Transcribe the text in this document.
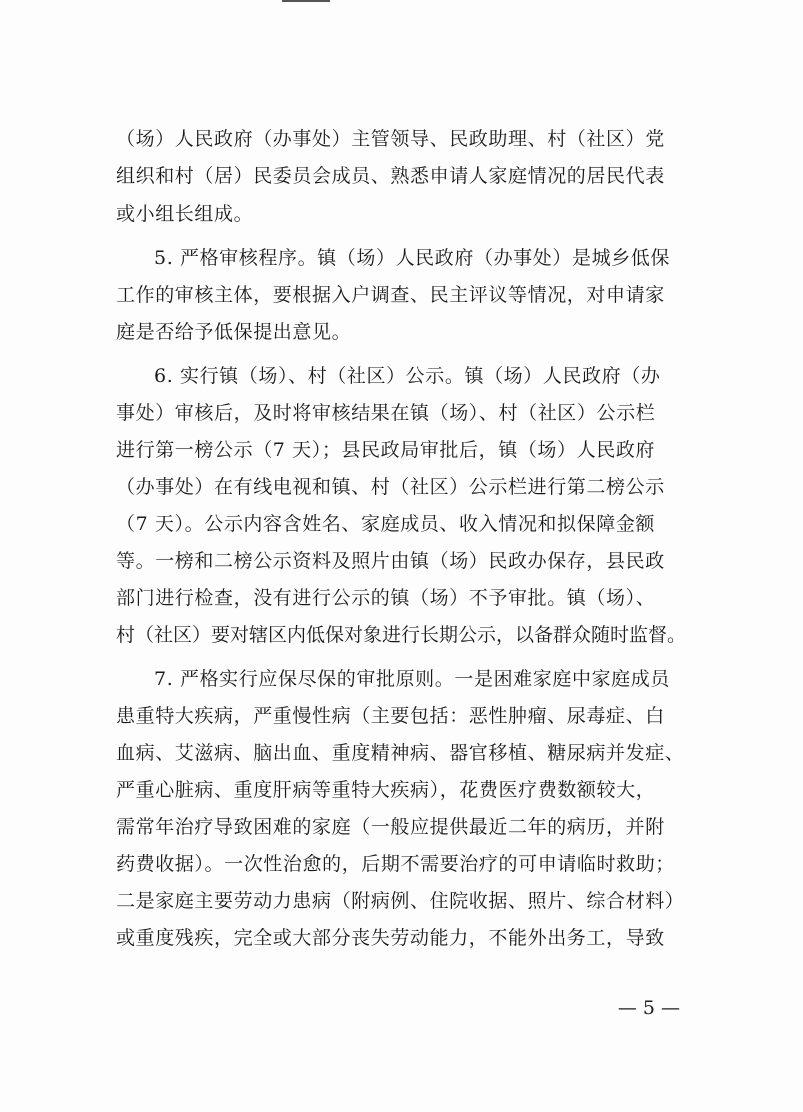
（场）人民政府（办事处）主管领导、民政助理、村（社区）党
组织和村（居）民委员会成员、熟悉申请人家庭情况的居民代表
或小组长组成。
5. 严格审核程序。镇（场）人民政府（办事处）是城乡低保
工作的审核主体，要根据入户调查、民主评议等情况，对申请家
庭是否给予低保提出意见。
6. 实行镇（场）、村（社区）公示。镇（场）人民政府（办
事处）审核后，及时将审核结果在镇（场）、村（社区）公示栏
进行第一榜公示（7 天）；县民政局审批后，镇（场）人民政府
（办事处）在有线电视和镇、村（社区）公示栏进行第二榜公示
（7 天）。公示内容含姓名、家庭成员、收入情况和拟保障金额
等。一榜和二榜公示资料及照片由镇（场）民政办保存，县民政
部门进行检查，没有进行公示的镇（场）不予审批。镇（场）、
村（社区）要对辖区内低保对象进行长期公示，以备群众随时监督。
7. 严格实行应保尽保的审批原则。一是困难家庭中家庭成员
患重特大疾病，严重慢性病（主要包括：恶性肿瘤、尿毒症、白
血病、艾滋病、脑出血、重度精神病、器官移植、糖尿病并发症、
严重心脏病、重度肝病等重特大疾病），花费医疗费数额较大，
需常年治疗导致困难的家庭（一般应提供最近二年的病历，并附
药费收据）。一次性治愈的，后期不需要治疗的可申请临时救助；
二是家庭主要劳动力患病（附病例、住院收据、照片、综合材料）
或重度残疾，完全或大部分丧失劳动能力，不能外出务工，导致
— 5 —
